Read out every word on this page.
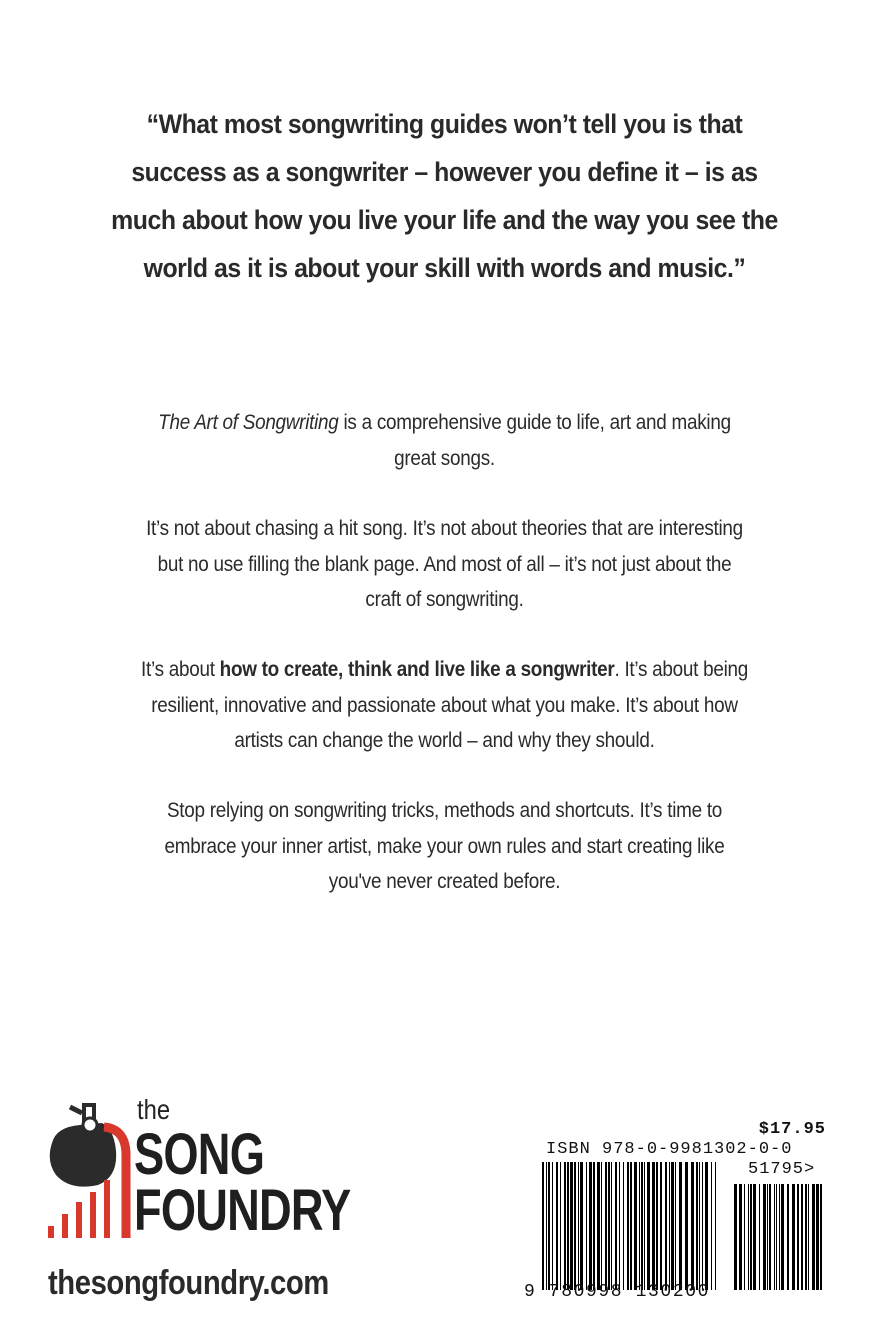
“What most songwriting guides won’t tell you is that
success as a songwriter – however you define it – is as
much about how you live your life and the way you see the
world as it is about your skill with words and music.”

The Art of Songwriting is a comprehensive guide to life, art and making

great songs.

It’s not about chasing a hit song. It’s not about theories that are interesting

but no use filling the blank page. And most of all – it’s not just about the

craft of songwriting.

It’s about how to create, think and live like a songwriter. It’s about being

resilient, innovative and passionate about what you make. It’s about how

artists can change the world – and why they should.

Stop relying on songwriting tricks, methods and shortcuts. It’s time to

embrace your inner artist, make your own rules and start creating like

you've never created before.

the
SONG
FOUNDRY
thesongfoundry.com
$17.95
ISBN 978-0-9981302-0-0
51795>
9 780998 130200
